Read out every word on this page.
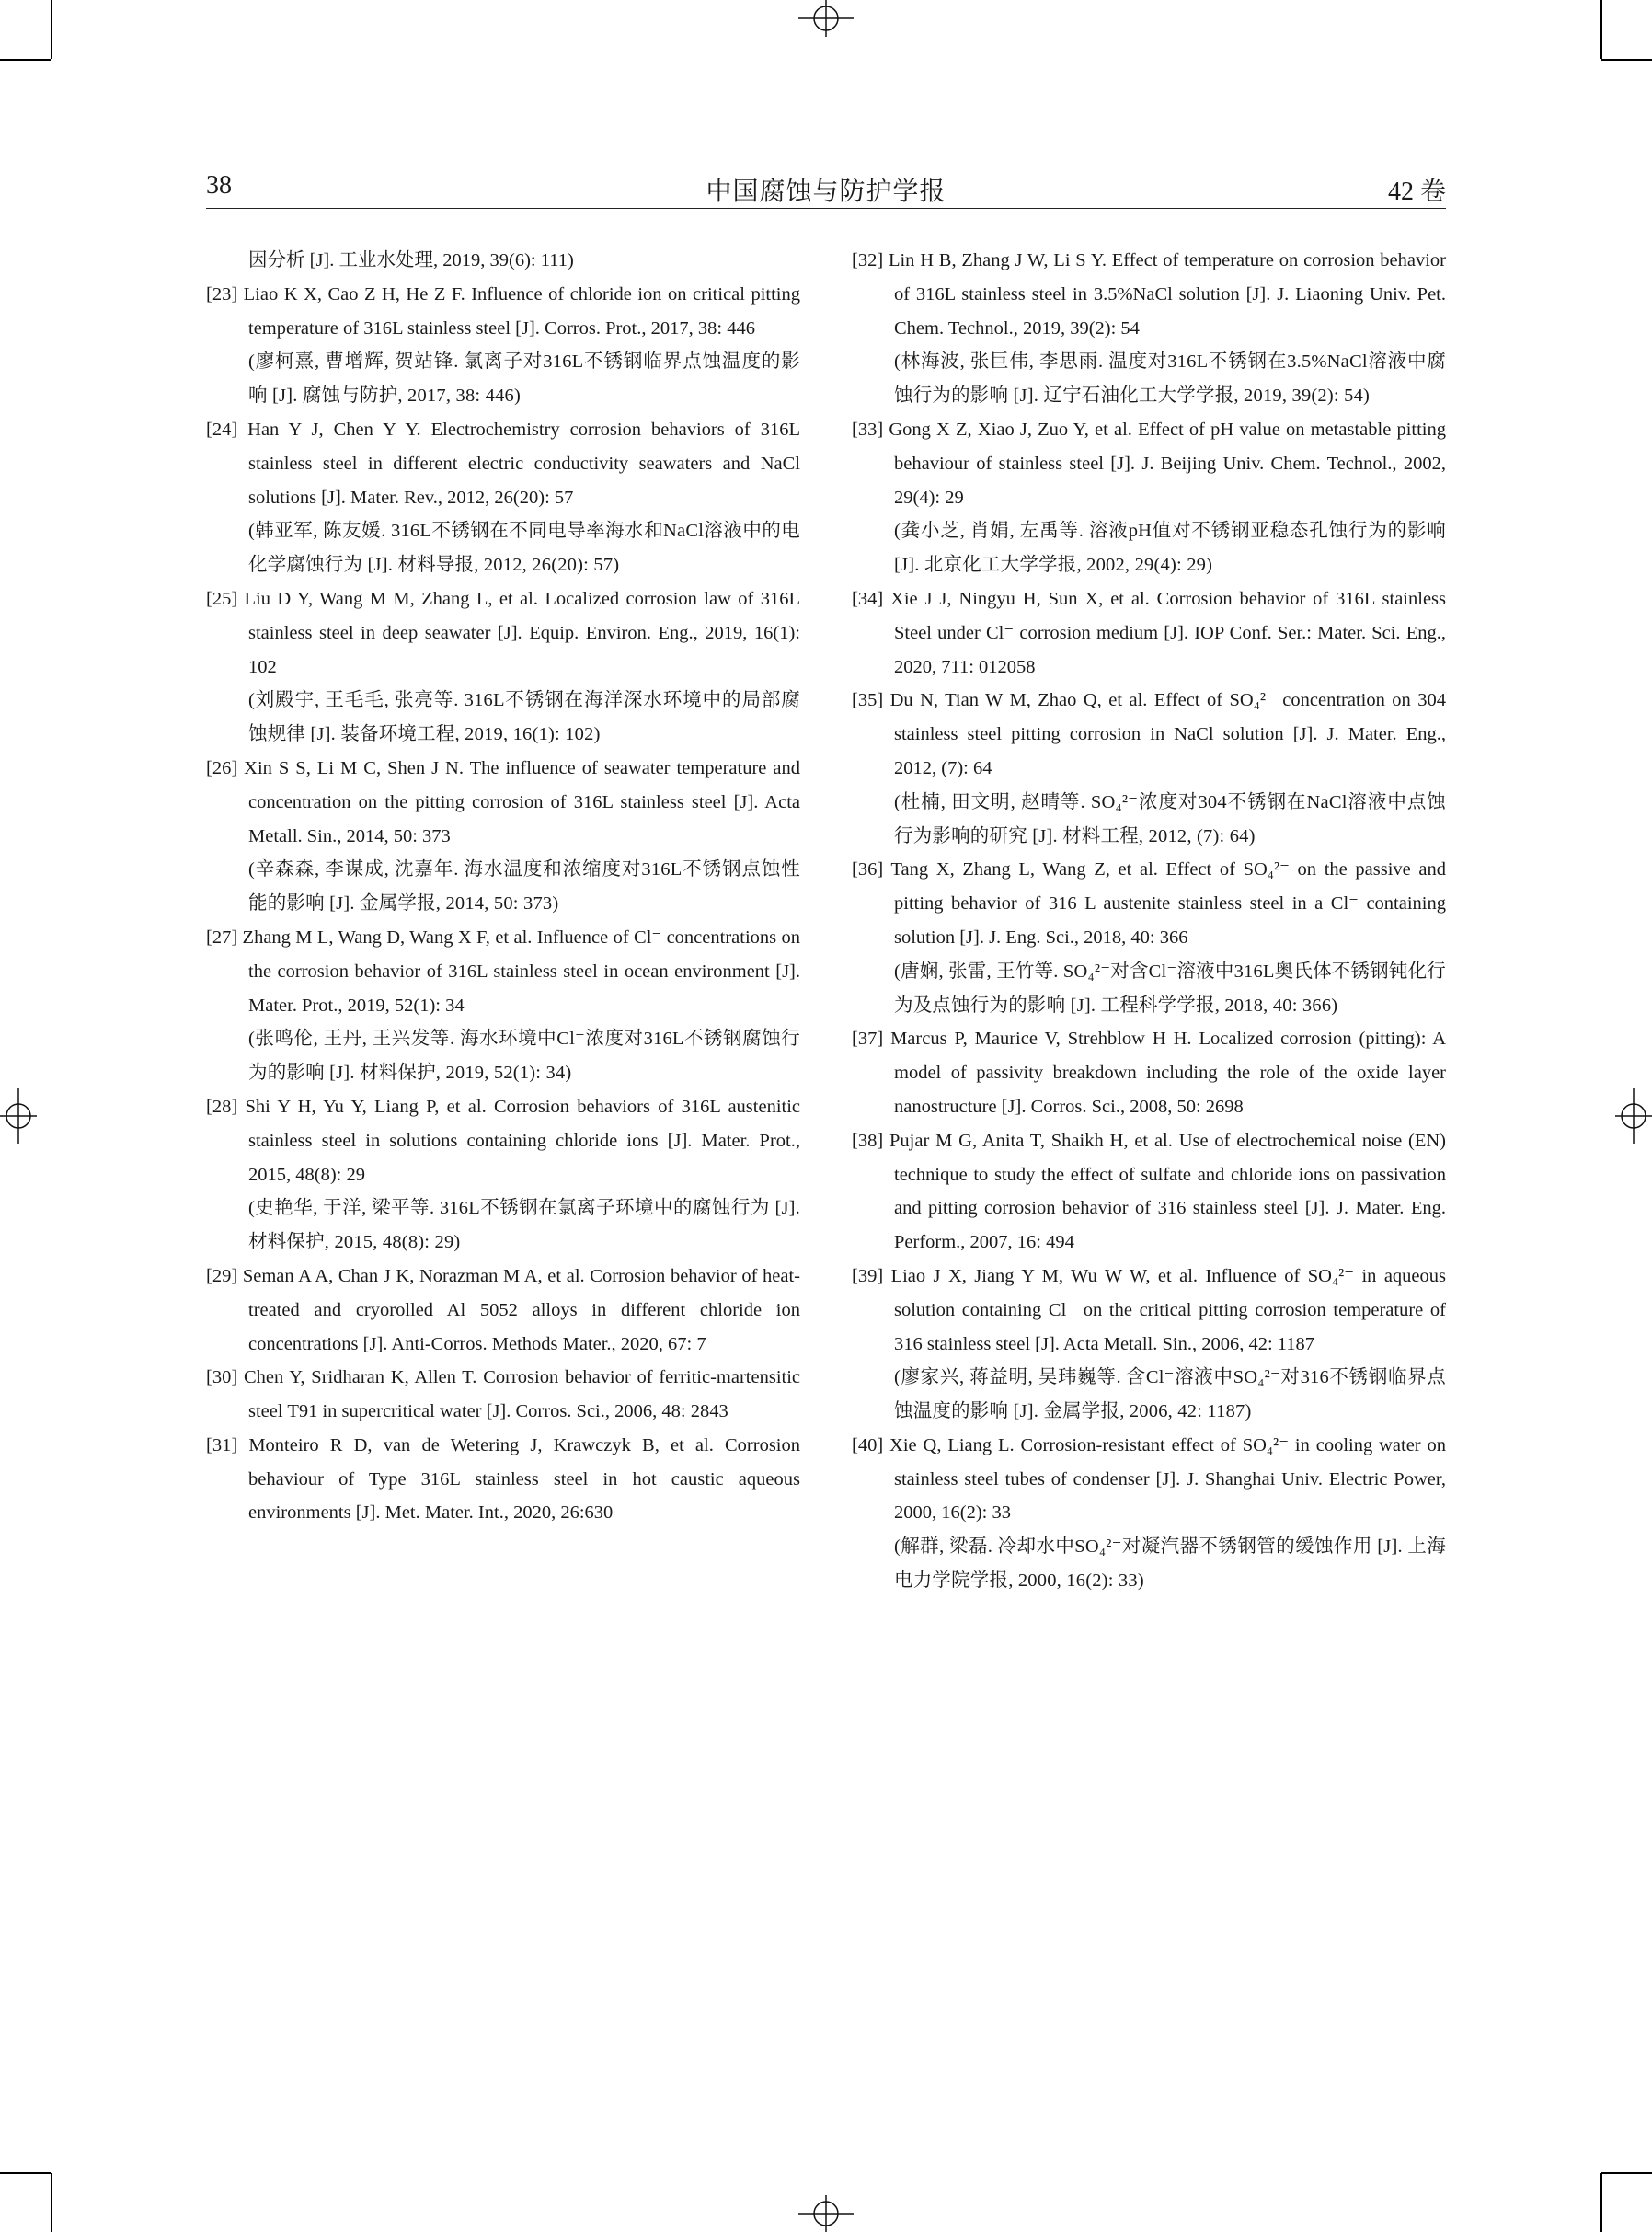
38	中国腐蚀与防护学报	42 卷
因分析 [J]. 工业水处理, 2019, 39(6): 111)
[23] Liao K X, Cao Z H, He Z F. Influence of chloride ion on critical pitting temperature of 316L stainless steel [J]. Corros. Prot., 2017, 38: 446
(廖柯熹, 曹增辉, 贺站锋. 氯离子对316L不锈钢临界点蚀温度的影响 [J]. 腐蚀与防护, 2017, 38: 446)
[24] Han Y J, Chen Y Y. Electrochemistry corrosion behaviors of 316L stainless steel in different electric conductivity seawaters and NaCl solutions [J]. Mater. Rev., 2012, 26(20): 57
(韩亚军, 陈友媛. 316L不锈钢在不同电导率海水和NaCl溶液中的电化学腐蚀行为 [J]. 材料导报, 2012, 26(20): 57)
[25] Liu D Y, Wang M M, Zhang L, et al. Localized corrosion law of 316L stainless steel in deep seawater [J]. Equip. Environ. Eng., 2019, 16(1): 102
(刘殿宇, 王毛毛, 张亮等. 316L不锈钢在海洋深水环境中的局部腐蚀规律 [J]. 装备环境工程, 2019, 16(1): 102)
[26] Xin S S, Li M C, Shen J N. The influence of seawater temperature and concentration on the pitting corrosion of 316L stainless steel [J]. Acta Metall. Sin., 2014, 50: 373
(辛森森, 李谋成, 沈嘉年. 海水温度和浓缩度对316L不锈钢点蚀性能的影响 [J]. 金属学报, 2014, 50: 373)
[27] Zhang M L, Wang D, Wang X F, et al. Influence of Cl⁻ concentrations on the corrosion behavior of 316L stainless steel in ocean environment [J]. Mater. Prot., 2019, 52(1): 34
(张鸣伦, 王丹, 王兴发等. 海水环境中Cl⁻浓度对316L不锈钢腐蚀行为的影响 [J]. 材料保护, 2019, 52(1): 34)
[28] Shi Y H, Yu Y, Liang P, et al. Corrosion behaviors of 316L austenitic stainless steel in solutions containing chloride ions [J]. Mater. Prot., 2015, 48(8): 29
(史艳华, 于洋, 梁平等. 316L不锈钢在氯离子环境中的腐蚀行为 [J]. 材料保护, 2015, 48(8): 29)
[29] Seman A A, Chan J K, Norazman M A, et al. Corrosion behavior of heat-treated and cryorolled Al 5052 alloys in different chloride ion concentrations [J]. Anti-Corros. Methods Mater., 2020, 67: 7
[30] Chen Y, Sridharan K, Allen T. Corrosion behavior of ferritic-martensitic steel T91 in supercritical water [J]. Corros. Sci., 2006, 48: 2843
[31] Monteiro R D, van de Wetering J, Krawczyk B, et al. Corrosion behaviour of Type 316L stainless steel in hot caustic aqueous environments [J]. Met. Mater. Int., 2020, 26:630
[32] Lin H B, Zhang J W, Li S Y. Effect of temperature on corrosion behavior of 316L stainless steel in 3.5%NaCl solution [J]. J. Liaoning Univ. Pet. Chem. Technol., 2019, 39(2): 54
(林海波, 张巨伟, 李思雨. 温度对316L不锈钢在3.5%NaCl溶液中腐蚀行为的影响 [J]. 辽宁石油化工大学学报, 2019, 39(2): 54)
[33] Gong X Z, Xiao J, Zuo Y, et al. Effect of pH value on metastable pitting behaviour of stainless steel [J]. J. Beijing Univ. Chem. Technol., 2002, 29(4): 29
(龚小芝, 肖娟, 左禹等. 溶液pH值对不锈钢亚稳态孔蚀行为的影响 [J]. 北京化工大学学报, 2002, 29(4): 29)
[34] Xie J J, Ningyu H, Sun X, et al. Corrosion behavior of 316L stainless Steel under Cl⁻ corrosion medium [J]. IOP Conf. Ser.: Mater. Sci. Eng., 2020, 711: 012058
[35] Du N, Tian W M, Zhao Q, et al. Effect of SO₄²⁻ concentration on 304 stainless steel pitting corrosion in NaCl solution [J]. J. Mater. Eng., 2012, (7): 64
(杜楠, 田文明, 赵晴等. SO₄²⁻浓度对304不锈钢在NaCl溶液中点蚀行为影响的研究 [J]. 材料工程, 2012, (7): 64)
[36] Tang X, Zhang L, Wang Z, et al. Effect of SO₄²⁻ on the passive and pitting behavior of 316 L austenite stainless steel in a Cl⁻ containing solution [J]. J. Eng. Sci., 2018, 40: 366
(唐娴, 张雷, 王竹等. SO₄²⁻对含Cl⁻溶液中316L奥氏体不锈钢钝化行为及点蚀行为的影响 [J]. 工程科学学报, 2018, 40: 366)
[37] Marcus P, Maurice V, Strehblow H H. Localized corrosion (pitting): A model of passivity breakdown including the role of the oxide layer nanostructure [J]. Corros. Sci., 2008, 50: 2698
[38] Pujar M G, Anita T, Shaikh H, et al. Use of electrochemical noise (EN) technique to study the effect of sulfate and chloride ions on passivation and pitting corrosion behavior of 316 stainless steel [J]. J. Mater. Eng. Perform., 2007, 16: 494
[39] Liao J X, Jiang Y M, Wu W W, et al. Influence of SO₄²⁻ in aqueous solution containing Cl⁻ on the critical pitting corrosion temperature of 316 stainless steel [J]. Acta Metall. Sin., 2006, 42: 1187
(廖家兴, 蒋益明, 吴玮巍等. 含Cl⁻溶液中SO₄²⁻对316不锈钢临界点蚀温度的影响 [J]. 金属学报, 2006, 42: 1187)
[40] Xie Q, Liang L. Corrosion-resistant effect of SO₄²⁻ in cooling water on stainless steel tubes of condenser [J]. J. Shanghai Univ. Electric Power, 2000, 16(2): 33
(解群, 梁磊. 冷却水中SO₄²⁻对凝汽器不锈钢管的缓蚀作用 [J]. 上海电力学院学报, 2000, 16(2): 33)
